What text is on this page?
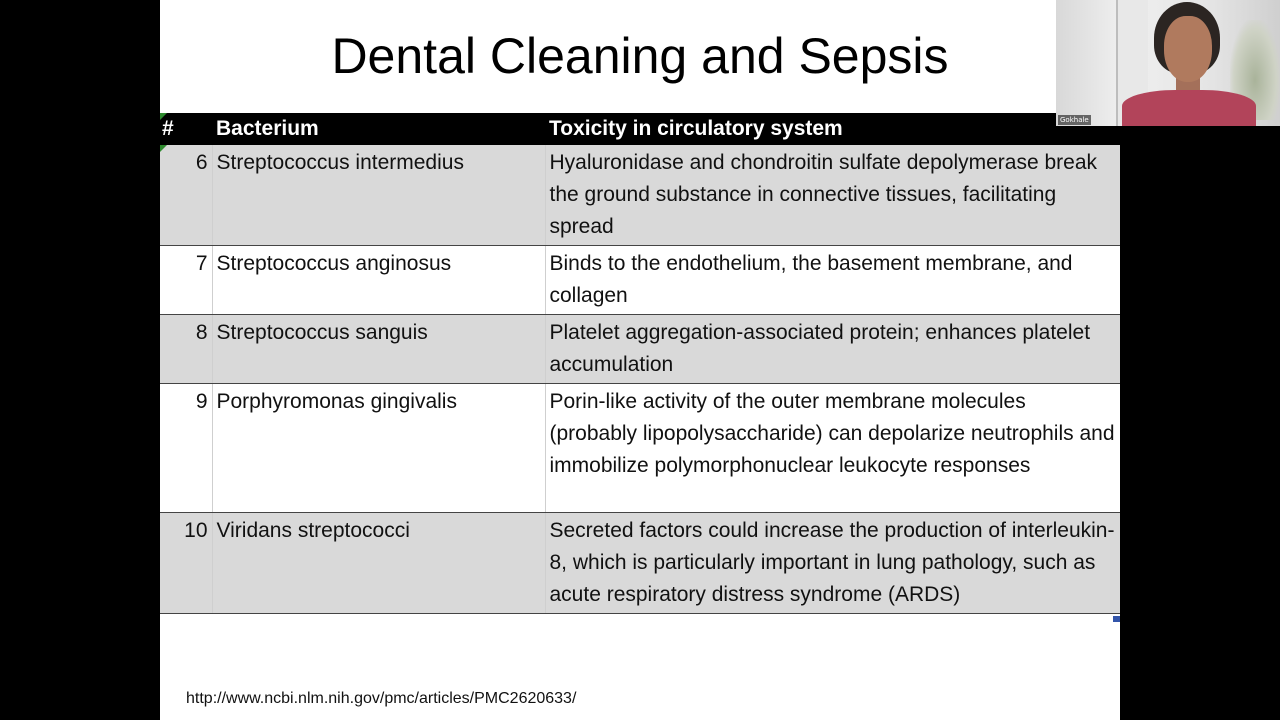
Dental Cleaning and Sepsis
#	Bacterium	Toxicity in circulatory system
6	Streptococcus intermedius	Hyaluronidase and chondroitin sulfate depolymerase break the ground substance in connective tissues, facilitating spread
7	Streptococcus anginosus	Binds to the endothelium, the basement membrane, and collagen
8	Streptococcus sanguis	Platelet aggregation-associated protein; enhances platelet accumulation
9	Porphyromonas gingivalis	Porin-like activity of the outer membrane molecules (probably lipopolysaccharide) can depolarize neutrophils and immobilize polymorphonuclear leukocyte responses
10	Viridans streptococci	Secreted factors could increase the production of interleukin-8, which is particularly important in lung pathology, such as acute respiratory distress syndrome (ARDS)
http://www.ncbi.nlm.nih.gov/pmc/articles/PMC2620633/
Gokhale
